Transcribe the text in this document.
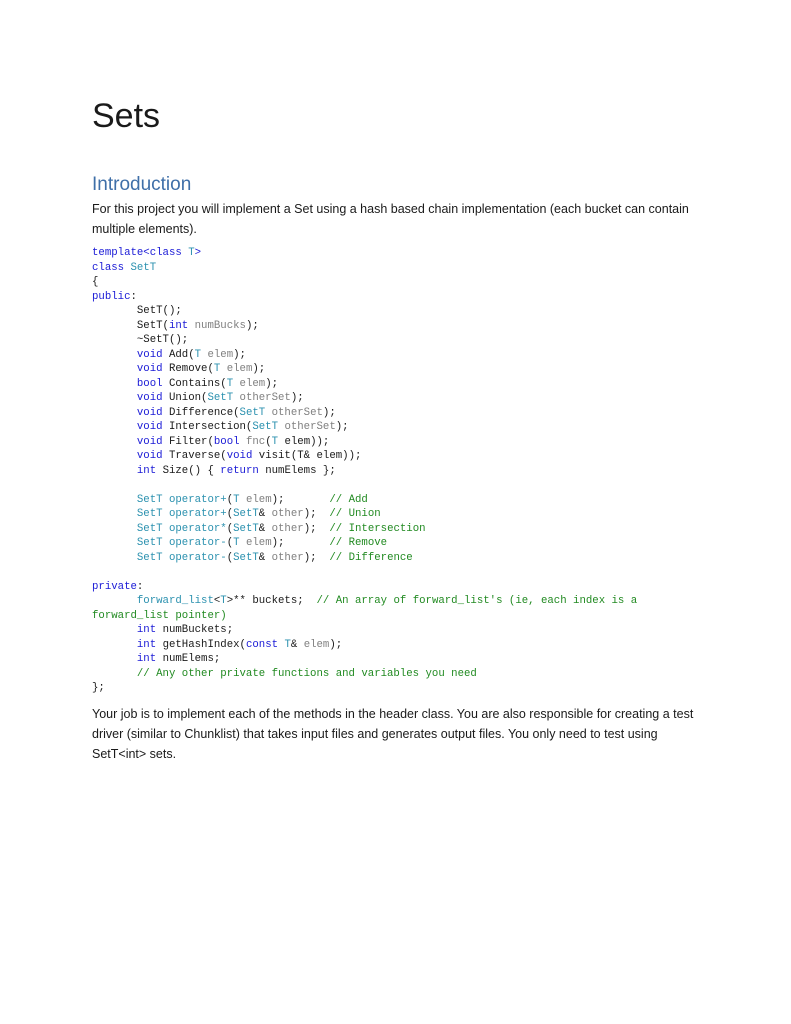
Sets
Introduction

For this project you will implement a Set using a hash based chain implementation (each bucket can contain multiple elements).

template<class T>
class SetT
{
public:
SetT();
SetT(int numBucks);
~SetT();
void Add(T elem);
void Remove(T elem);
bool Contains(T elem);
void Union(SetT otherSet);
void Difference(SetT otherSet);
void Intersection(SetT otherSet);
void Filter(bool fnc(T elem));
void Traverse(void visit(T& elem));
int Size() { return numElems };
SetT operator+(T elem);       // Add
SetT operator+(SetT& other);  // Union
SetT operator*(SetT& other);  // Intersection
SetT operator-(T elem);       // Remove
SetT operator-(SetT& other);  // Difference
private:
forward_list<T>** buckets;  // An array of forward_list's (ie, each index is a
forward_list pointer)
int numBuckets;
int getHashIndex(const T& elem);
int numElems;
// Any other private functions and variables you need
};

Your job is to implement each of the methods in the header class. You are also responsible for creating a test driver (similar to Chunklist) that takes input files and generates output files. You only need to test using SetT<int> sets.
